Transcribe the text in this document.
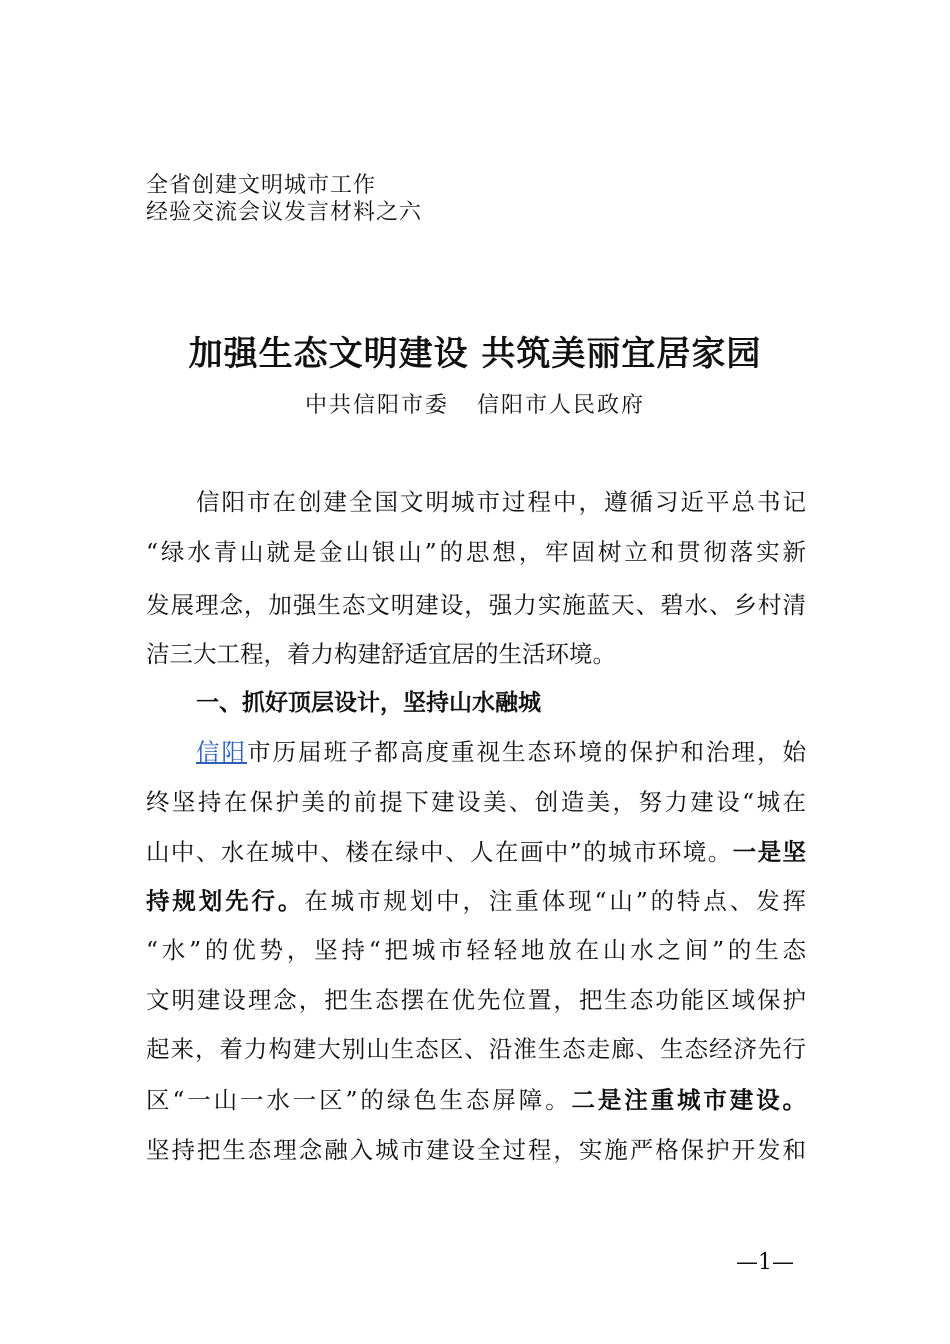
全省创建文明城市工作
经验交流会议发言材料之六
加强生态文明建设 共筑美丽宜居家园
中共信阳市委 信阳市人民政府
信阳市在创建全国文明城市过程中，遵循习近平总书记
“绿水青山就是金山银山”的思想，牢固树立和贯彻落实新
发展理念，加强生态文明建设，强力实施蓝天、碧水、乡村清
洁三大工程，着力构建舒适宜居的生活环境。
一、抓好顶层设计，坚持山水融城
信阳市历届班子都高度重视生态环境的保护和治理，始
终坚持在保护美的前提下建设美、创造美，努力建设“城在
山中、水在城中、楼在绿中、人在画中”的城市环境。一是坚
持规划先行。在城市规划中，注重体现“山”的特点、发挥
“水”的优势，坚持“把城市轻轻地放在山水之间”的生态
文明建设理念，把生态摆在优先位置，把生态功能区域保护
起来，着力构建大别山生态区、沿淮生态走廊、生态经济先行
区“一山一水一区”的绿色生态屏障。二是注重城市建设。
坚持把生态理念融入城市建设全过程，实施严格保护开发和
—1—
